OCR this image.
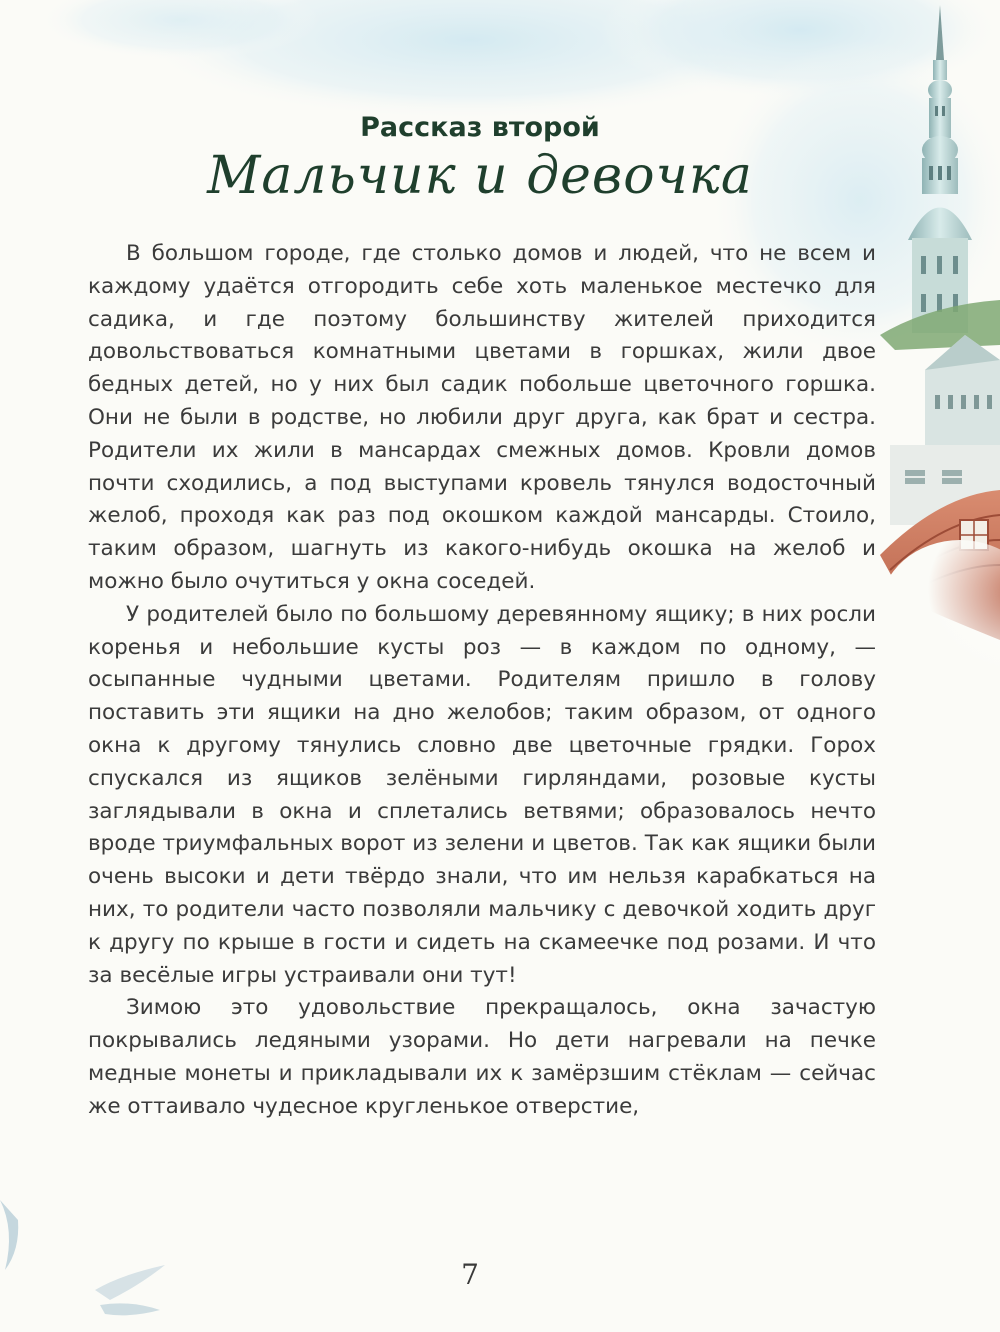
Рассказ второй
Мальчик и девочка

В большом городе, где столько домов и людей, что не всем и каждому удаётся отгородить себе хоть маленькое местечко для садика, и где поэтому большинству жителей приходится довольствоваться комнатными цветами в горшках, жили двое бедных детей, но у них был садик побольше цветочного горшка. Они не были в родстве, но любили друг друга, как брат и сестра. Родители их жили в мансардах смежных домов. Кровли домов почти сходились, а под выступами кровель тянулся водосточный желоб, проходя как раз под окошком каждой мансарды. Стоило, таким образом, шагнуть из какого-нибудь окошка на желоб и можно было очутиться у окна соседей.

У родителей было по большому деревянному ящику; в них росли коренья и небольшие кусты роз — в каждом по одному, — осыпанные чудными цветами. Родителям пришло в голову поставить эти ящики на дно желобов; таким образом, от одного окна к другому тянулись словно две цветочные грядки. Горох спускался из ящиков зелёными гирляндами, розовые кусты заглядывали в окна и сплетались ветвями; образовалось нечто вроде триумфальных ворот из зелени и цветов. Так как ящики были очень высоки и дети твёрдо знали, что им нельзя карабкаться на них, то родители часто позволяли мальчику с девочкой ходить друг к другу по крыше в гости и сидеть на скамеечке под розами. И что за весёлые игры устраивали они тут!

Зимою это удовольствие прекращалось, окна зачастую покрывались ледяными узорами. Но дети нагревали на печке медные монеты и прикладывали их к замёрзшим стёклам — сейчас же оттаивало чудесное кругленькое отверстие,

7
